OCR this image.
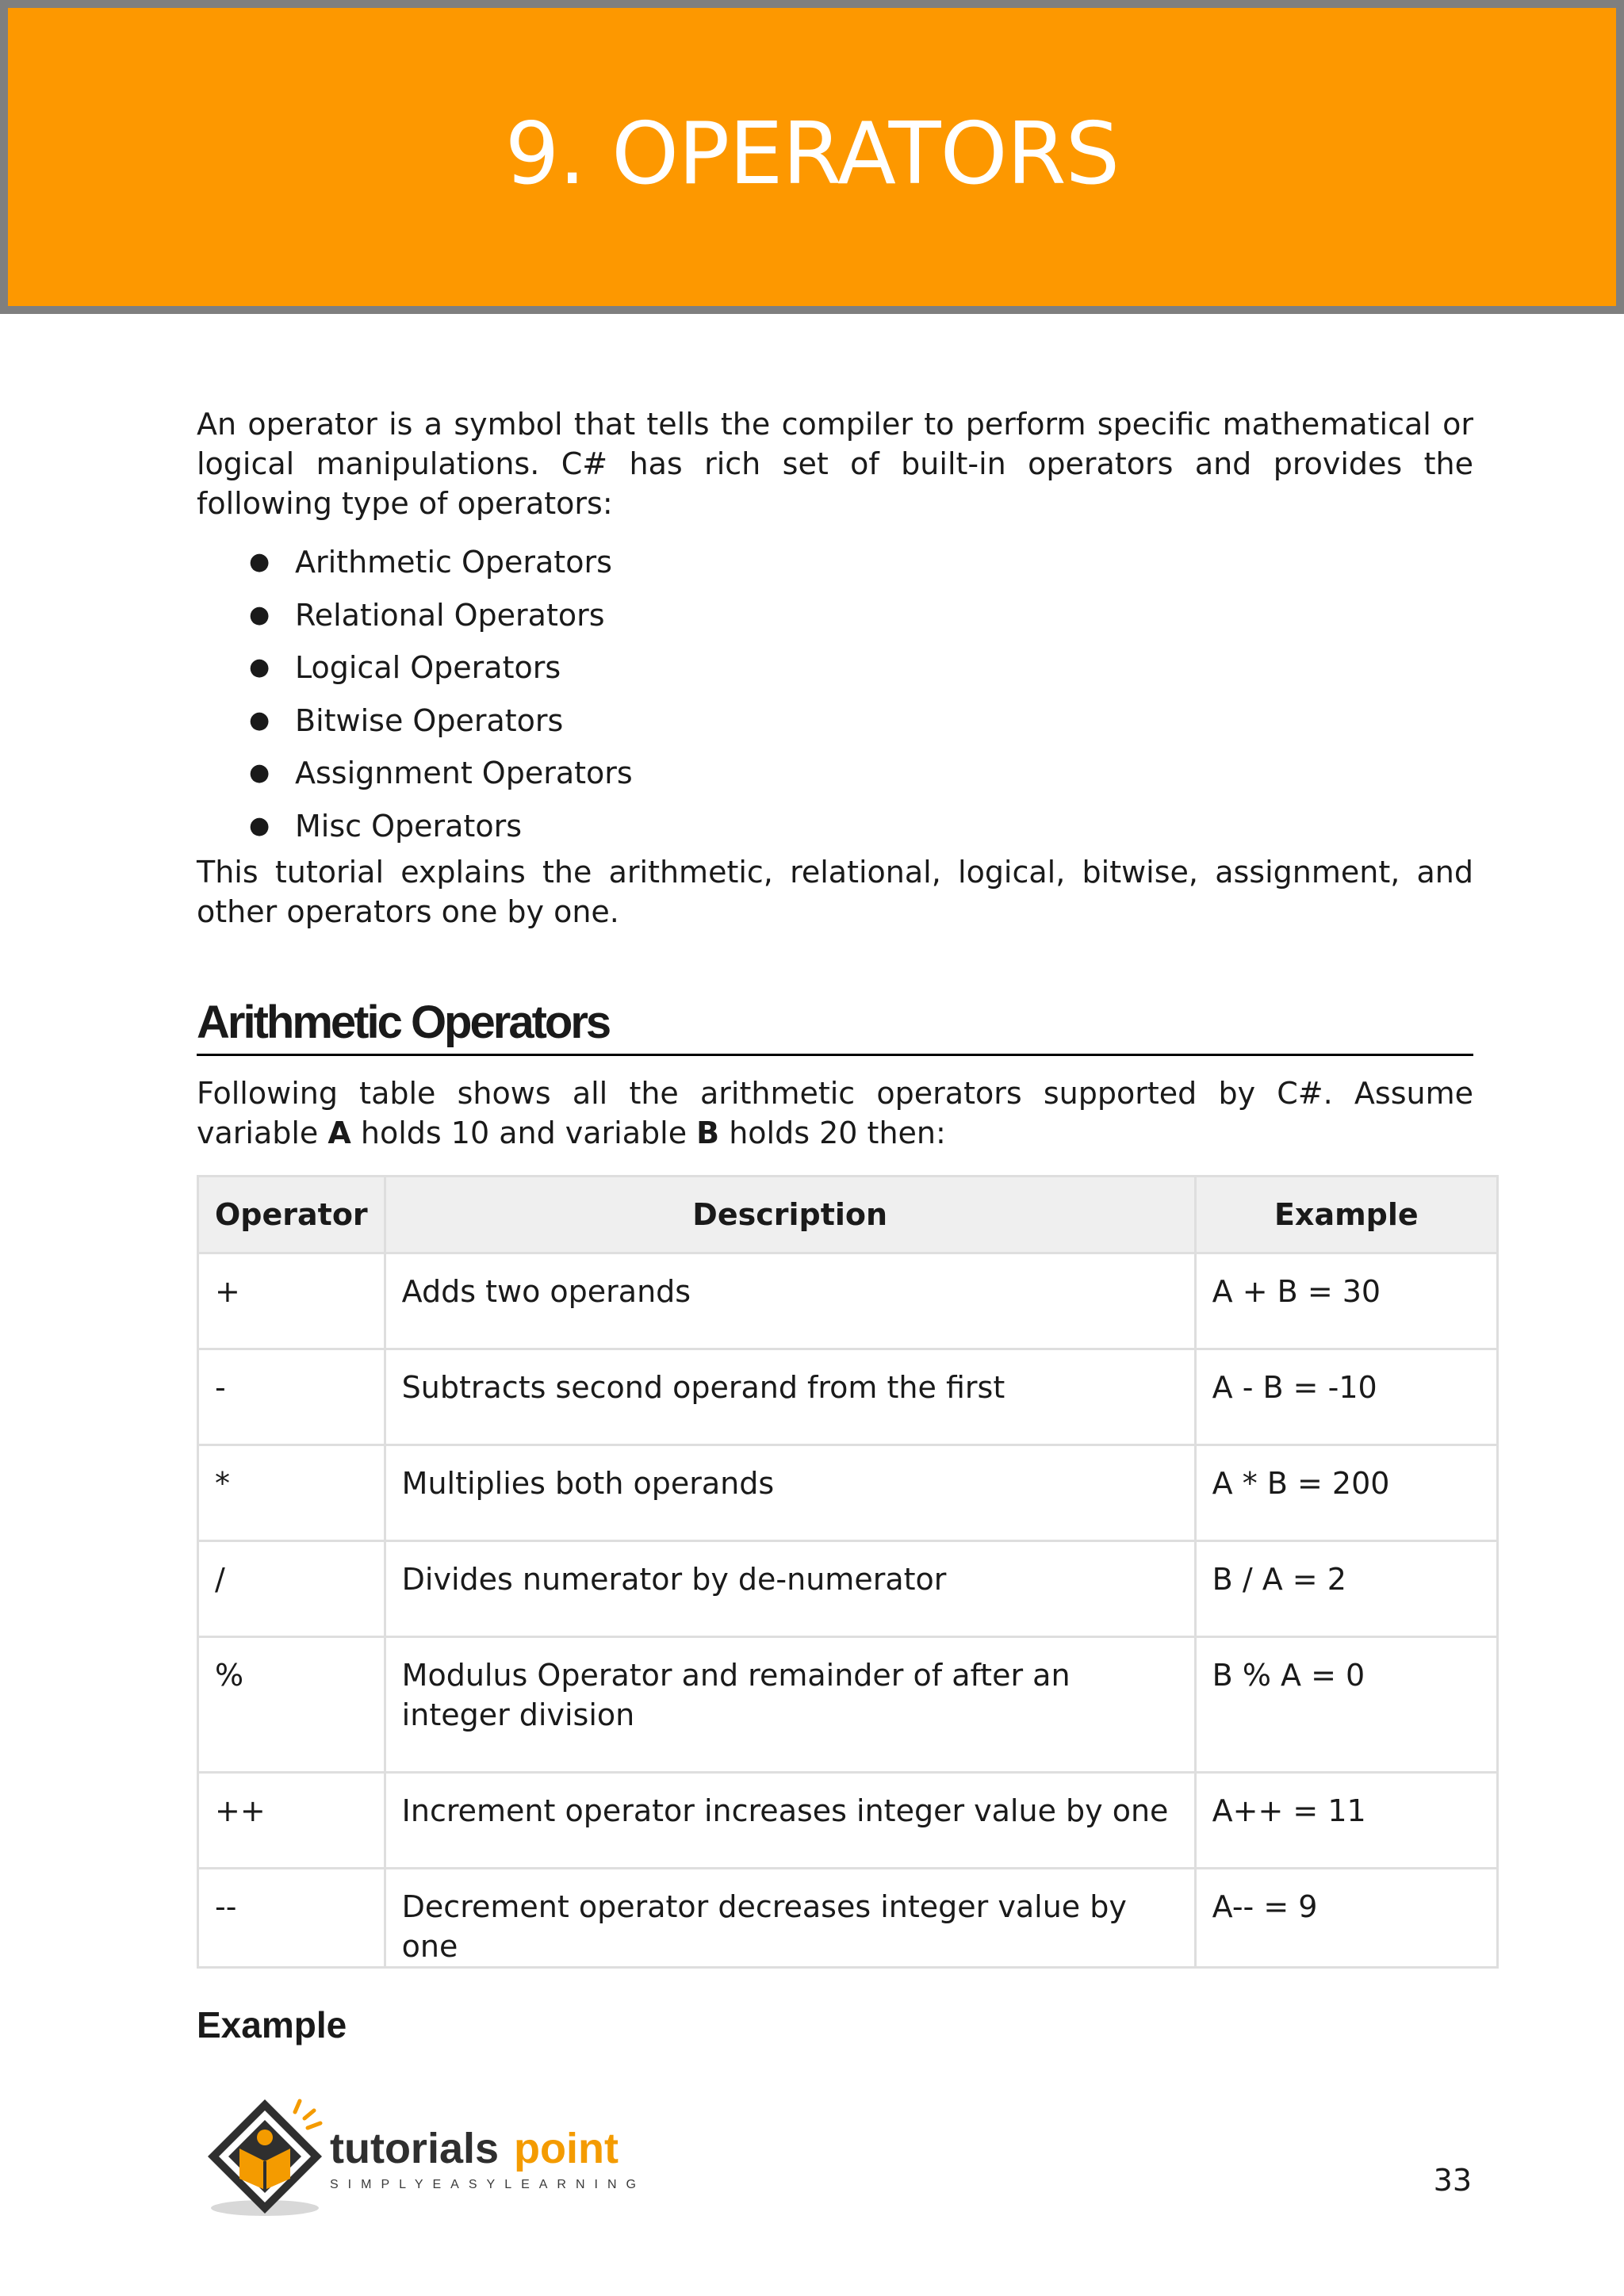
9. OPERATORS

An operator is a symbol that tells the compiler to perform specific mathematical or logical manipulations. C# has rich set of built-in operators and provides the following type of operators:

● Arithmetic Operators
● Relational Operators
● Logical Operators
● Bitwise Operators
● Assignment Operators
● Misc Operators

This tutorial explains the arithmetic, relational, logical, bitwise, assignment, and other operators one by one.

Arithmetic Operators

Following table shows all the arithmetic operators supported by C#. Assume variable A holds 10 and variable B holds 20 then:

Operator	Description	Example
+	Adds two operands	A + B = 30
-	Subtracts second operand from the first	A - B = -10
*	Multiplies both operands	A * B = 200
/	Divides numerator by de-numerator	B / A = 2
%	Modulus Operator and remainder of after an integer division	B % A = 0
++	Increment operator increases integer value by one	A++ = 11
--	Decrement operator decreases integer value by one	A-- = 9
Example
tutorials point
SIMPLYEASYLEARNING	33
